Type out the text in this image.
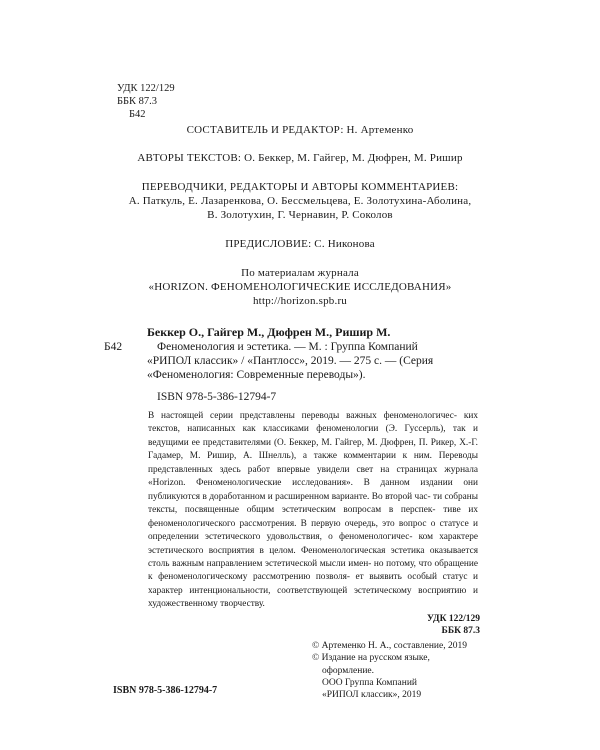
УДК 122/129
ББК 87.3
Б42
СОСТАВИТЕЛЬ И РЕДАКТОР: Н. Артеменко
АВТОРЫ ТЕКСТОВ: О. Беккер, М. Гайгер, М. Дюфрен, М. Ришир
ПЕРЕВОДЧИКИ, РЕДАКТОРЫ И АВТОРЫ КОММЕНТАРИЕВ:
А. Паткуль, Е. Лазаренкова, О. Бессмельцева, Е. Золотухина-Аболина,
В. Золотухин, Г. Чернавин, Р. Соколов
ПРЕДИСЛОВИЕ: С. Никонова
По материалам журнала
«HORIZON. ФЕНОМЕНОЛОГИЧЕСКИЕ ИССЛЕДОВАНИЯ»
http://horizon.spb.ru
Б42
Беккер О., Гайгер М., Дюфрен М., Ришир М.
Феноменология и эстетика. — М. : Группа Компаний
«РИПОЛ классик» / «Пантлосс», 2019. — 275 с. — (Серия
«Феноменология: Современные переводы»).
ISBN 978-5-386-12794-7
В настоящей серии представлены переводы важных феноменологичес- ких текстов, написанных как классиками феноменологии (Э. Гуссерль), так и ведущими ее представителями (О. Беккер, М. Гайгер, М. Дюфрен, П. Рикер, Х.-Г. Гадамер, М. Ришир, А. Шнелль), а также комментарии к ним. Переводы представленных здесь работ впервые увидели свет на страницах журнала «Horizon. Феноменологические исследования». В данном издании они публикуются в доработанном и расширенном варианте. Во второй час- ти собраны тексты, посвященные общим эстетическим вопросам в перспек- тиве их феноменологического рассмотрения. В первую очередь, это вопрос о статусе и определении эстетического удовольствия, о феноменологичес- ком характере эстетического восприятия в целом. Феноменологическая эстетика оказывается столь важным направлением эстетической мысли имен- но потому, что обращение к феноменологическому рассмотрению позволя- ет выявить особый статус и характер интенциональности, соответствующей эстетическому восприятию и художественному творчеству.
УДК 122/129
ББК 87.3
© Артеменко Н. А., составление, 2019
© Издание на русском языке,
оформление.
ООО Группа Компаний
«РИПОЛ классик», 2019
ISBN 978-5-386-12794-7
